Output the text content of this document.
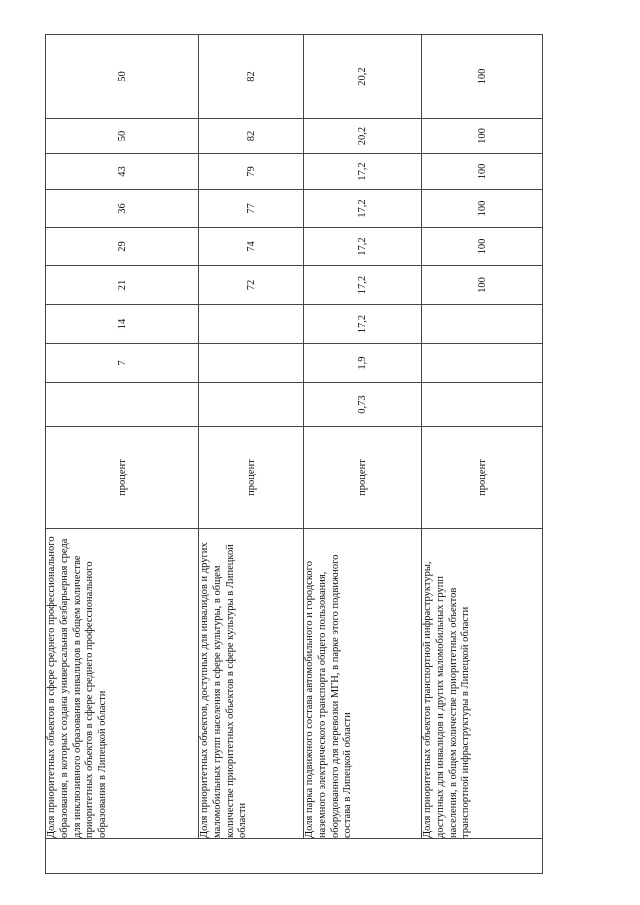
	Доля приоритетных объектов в сфере среднего профессионального образования, в которых создана универсальная безбарьерная среда для инклюзивного образования инвалидов в общем количестве приоритетных объектов в сфере среднего профессионального образования в Липецкой области	процент		7	14	21	29	36	43	50	50
	Доля приоритетных объектов, доступных для инвалидов и других маломобильных групп населения в сфере культуры, в общем количестве приоритетных объектов в сфере культуры в Липецкой области	процент				72	74	77	79	82	82
	Доля парка подвижного состава автомобильного и городского наземного электрического транспорта общего пользования, оборудованного для перевозки МГН, в парке этого подвижного состава в Липецкой области	процент	0,73	1,9	17,2	17,2	17,2	17,2	17,2	20,2	20,2
	Доля приоритетных объектов транспортной инфраструктуры, доступных для инвалидов и других маломобильных групп населения, в общем количестве приоритетных объектов транспортной инфраструктуры в Липецкой области	процент				100	100	100	100	100	100
